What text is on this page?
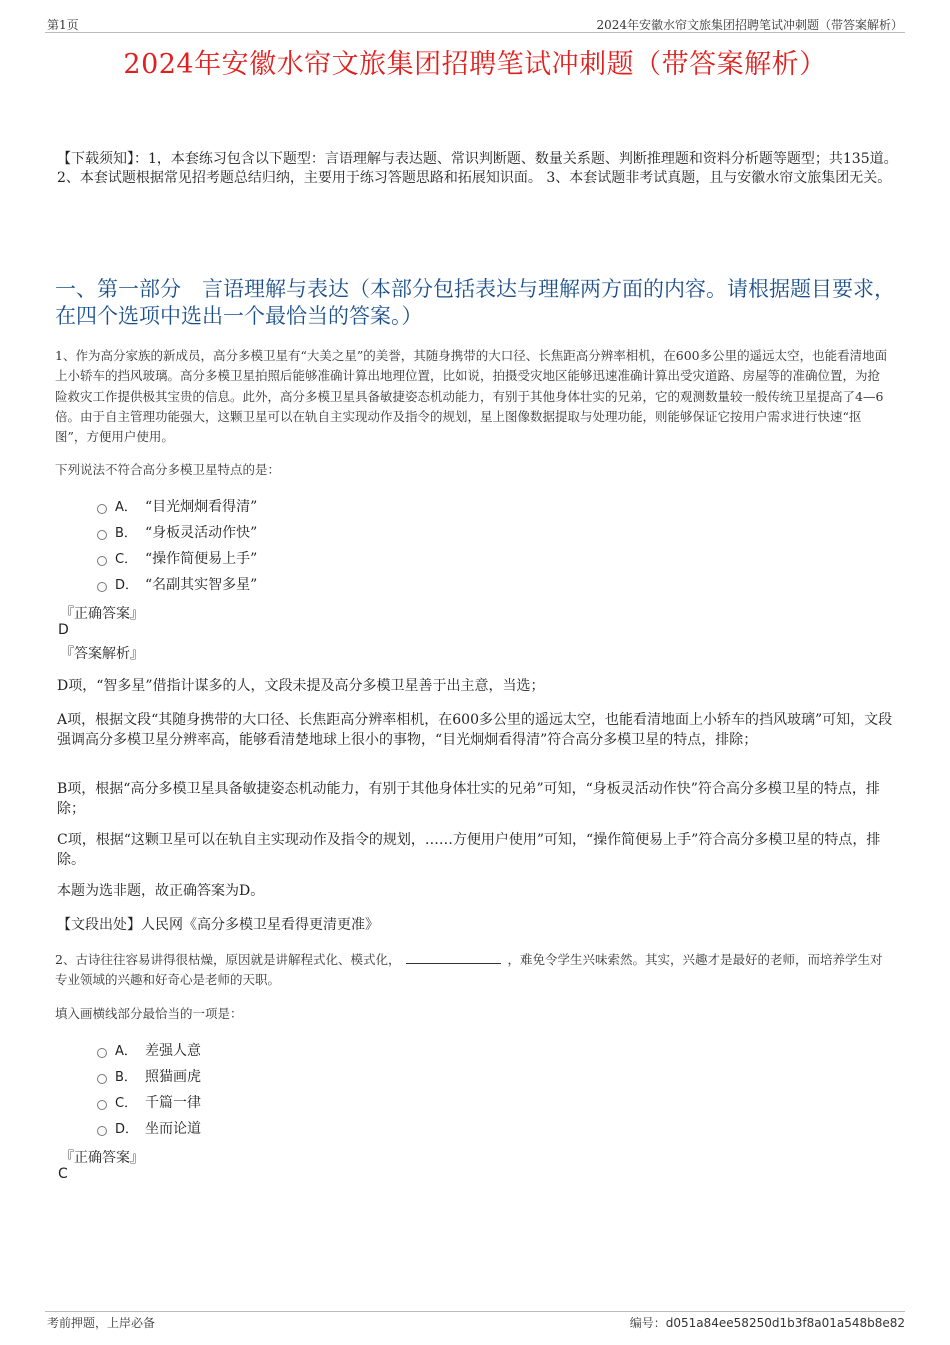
第1页	2024年安徽水帘文旅集团招聘笔试冲刺题（带答案解析）
2024年安徽水帘文旅集团招聘笔试冲刺题（带答案解析）
【下载须知】：1，本套练习包含以下题型：言语理解与表达题、常识判断题、数量关系题、判断推理题和资料分析题等题型；共135道。 2、本套试题根据常见招考题总结归纳，主要用于练习答题思路和拓展知识面。 3、本套试题非考试真题，且与安徽水帘文旅集团无关。
一、第一部分　言语理解与表达（本部分包括表达与理解两方面的内容。请根据题目要求，在四个选项中选出一个最恰当的答案。）
1、作为高分家族的新成员，高分多模卫星有“大美之星”的美誉，其随身携带的大口径、长焦距高分辨率相机，在600多公里的遥远太空，也能看清地面上小轿车的挡风玻璃。高分多模卫星拍照后能够准确计算出地理位置，比如说，拍摄受灾地区能够迅速准确计算出受灾道路、房屋等的准确位置，为抢险救灾工作提供极其宝贵的信息。此外，高分多模卫星具备敏捷姿态机动能力，有别于其他身体壮实的兄弟，它的观测数量较一般传统卫星提高了4—6倍。由于自主管理功能强大，这颗卫星可以在轨自主实现动作及指令的规划，星上图像数据提取与处理功能，则能够保证它按用户需求进行快速“抠图”，方便用户使用。
下列说法不符合高分多模卫星特点的是：
A． “目光炯炯看得清”
B． “身板灵活动作快”
C． “操作简便易上手”
D． “名副其实智多星”
『正确答案』
D
『答案解析』
D项，“智多星”借指计谋多的人，文段未提及高分多模卫星善于出主意，当选；
A项，根据文段“其随身携带的大口径、长焦距高分辨率相机，在600多公里的遥远太空，也能看清地面上小轿车的挡风玻璃”可知，文段强调高分多模卫星分辨率高，能够看清楚地球上很小的事物，“目光炯炯看得清”符合高分多模卫星的特点，排除；
B项，根据“高分多模卫星具备敏捷姿态机动能力，有别于其他身体壮实的兄弟”可知，“身板灵活动作快”符合高分多模卫星的特点，排除；
C项，根据“这颗卫星可以在轨自主实现动作及指令的规划，……方便用户使用”可知，“操作简便易上手”符合高分多模卫星的特点，排除。
本题为选非题，故正确答案为D。
【文段出处】人民网《高分多模卫星看得更清更准》
2、古诗往往容易讲得很枯燥，原因就是讲解程式化、模式化，	，难免令学生兴味索然。其实，兴趣才是最好的老师，而培养学生对专业领域的兴趣和好奇心是老师的天职。
填入画横线部分最恰当的一项是：
A． 差强人意
B． 照猫画虎
C． 千篇一律
D． 坐而论道
『正确答案』
C
考前押题，上岸必备	编号：d051a84ee58250d1b3f8a01a548b8e82
